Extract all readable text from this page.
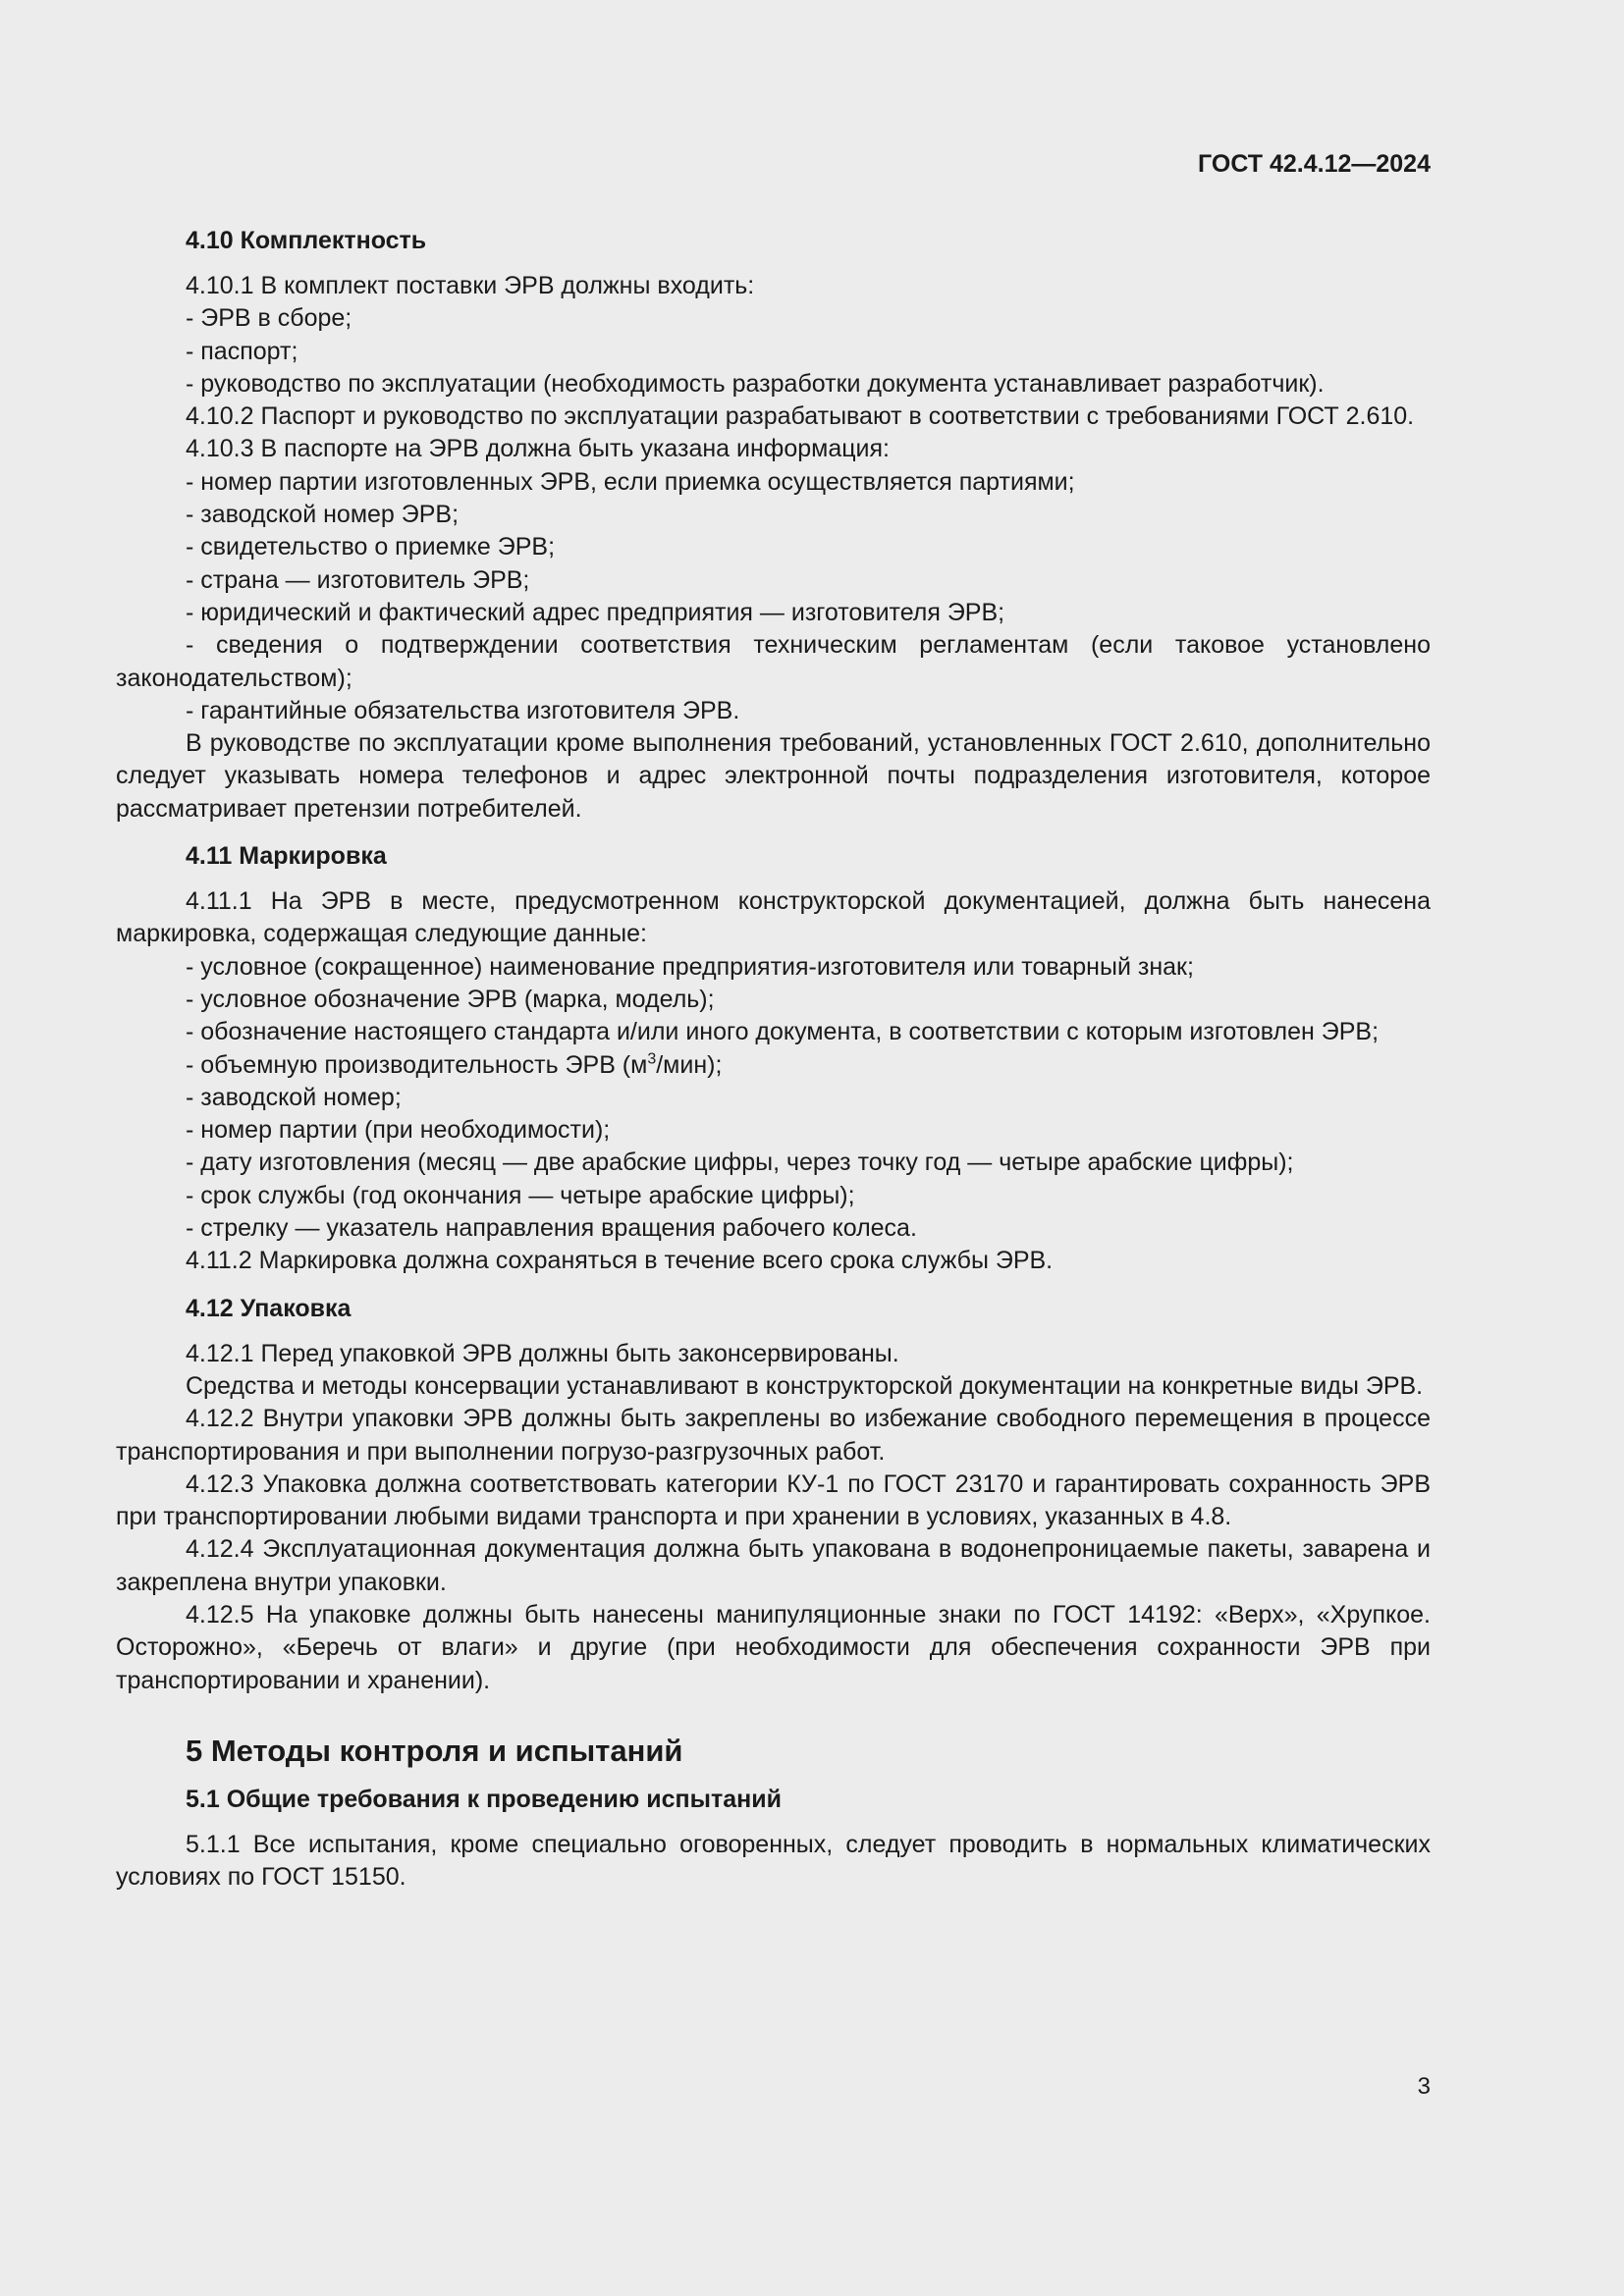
ГОСТ 42.4.12—2024
4.10 Комплектность
4.10.1 В комплект поставки ЭРВ должны входить:
- ЭРВ в сборе;
- паспорт;
- руководство по эксплуатации (необходимость разработки документа устанавливает разработчик).
4.10.2 Паспорт и руководство по эксплуатации разрабатывают в соответствии с требованиями ГОСТ 2.610.
4.10.3 В паспорте на ЭРВ должна быть указана информация:
- номер партии изготовленных ЭРВ, если приемка осуществляется партиями;
- заводской номер ЭРВ;
- свидетельство о приемке ЭРВ;
- страна — изготовитель ЭРВ;
- юридический и фактический адрес предприятия — изготовителя ЭРВ;
- сведения о подтверждении соответствия техническим регламентам (если таковое установлено законодательством);
- гарантийные обязательства изготовителя ЭРВ.
В руководстве по эксплуатации кроме выполнения требований, установленных ГОСТ 2.610, дополнительно следует указывать номера телефонов и адрес электронной почты подразделения изготовителя, которое рассматривает претензии потребителей.
4.11 Маркировка
4.11.1 На ЭРВ в месте, предусмотренном конструкторской документацией, должна быть нанесена маркировка, содержащая следующие данные:
- условное (сокращенное) наименование предприятия-изготовителя или товарный знак;
- условное обозначение ЭРВ (марка, модель);
- обозначение настоящего стандарта и/или иного документа, в соответствии с которым изготовлен ЭРВ;
- объемную производительность ЭРВ $(м^3/мин)$;
- заводской номер;
- номер партии (при необходимости);
- дату изготовления (месяц — две арабские цифры, через точку год — четыре арабские цифры);
- срок службы (год окончания — четыре арабские цифры);
- стрелку — указатель направления вращения рабочего колеса.
4.11.2 Маркировка должна сохраняться в течение всего срока службы ЭРВ.
4.12 Упаковка
4.12.1 Перед упаковкой ЭРВ должны быть законсервированы.
Средства и методы консервации устанавливают в конструкторской документации на конкретные виды ЭРВ.
4.12.2 Внутри упаковки ЭРВ должны быть закреплены во избежание свободного перемещения в процессе транспортирования и при выполнении погрузо-разгрузочных работ.
4.12.3 Упаковка должна соответствовать категории КУ-1 по ГОСТ 23170 и гарантировать сохранность ЭРВ при транспортировании любыми видами транспорта и при хранении в условиях, указанных в 4.8.
4.12.4 Эксплуатационная документация должна быть упакована в водонепроницаемые пакеты, заварена и закреплена внутри упаковки.
4.12.5 На упаковке должны быть нанесены манипуляционные знаки по ГОСТ 14192: «Верх», «Хрупкое. Осторожно», «Беречь от влаги» и другие (при необходимости для обеспечения сохранности ЭРВ при транспортировании и хранении).
5 Методы контроля и испытаний
5.1 Общие требования к проведению испытаний
5.1.1 Все испытания, кроме специально оговоренных, следует проводить в нормальных климатических условиях по ГОСТ 15150.
3
